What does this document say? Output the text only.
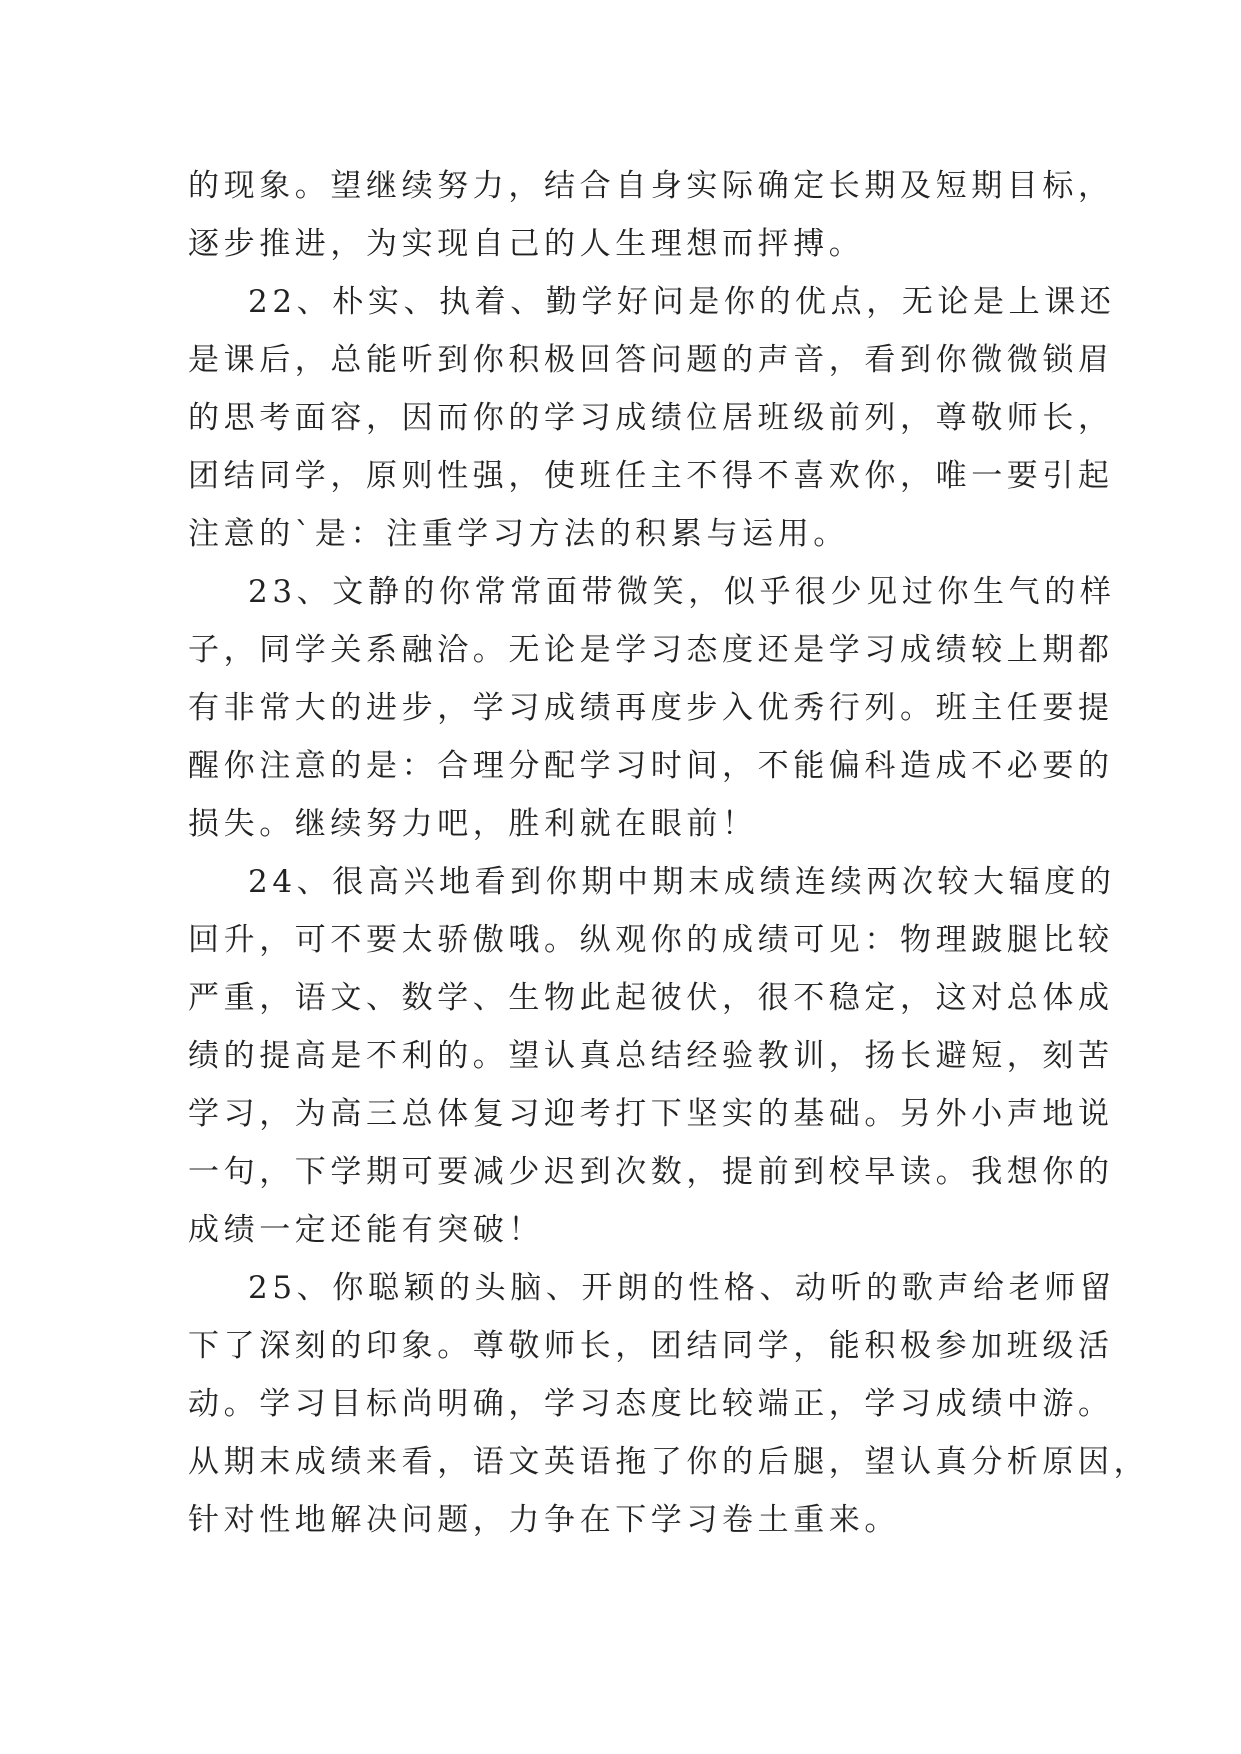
的现象。望继续努力，结合自身实际确定长期及短期目标，
逐步推进，为实现自己的人生理想而抨搏。
22、朴实、执着、勤学好问是你的优点，无论是上课还
是课后，总能听到你积极回答问题的声音，看到你微微锁眉
的思考面容，因而你的学习成绩位居班级前列，尊敬师长，
团结同学，原则性强，使班任主不得不喜欢你，唯一要引起
注意的`是：注重学习方法的积累与运用。
23、文静的你常常面带微笑，似乎很少见过你生气的样
子，同学关系融洽。无论是学习态度还是学习成绩较上期都
有非常大的进步，学习成绩再度步入优秀行列。班主任要提
醒你注意的是：合理分配学习时间，不能偏科造成不必要的
损失。继续努力吧，胜利就在眼前！
24、很高兴地看到你期中期末成绩连续两次较大辐度的
回升，可不要太骄傲哦。纵观你的成绩可见：物理跛腿比较
严重，语文、数学、生物此起彼伏，很不稳定，这对总体成
绩的提高是不利的。望认真总结经验教训，扬长避短，刻苦
学习，为高三总体复习迎考打下坚实的基础。另外小声地说
一句，下学期可要减少迟到次数，提前到校早读。我想你的
成绩一定还能有突破！
25、你聪颖的头脑、开朗的性格、动听的歌声给老师留
下了深刻的印象。尊敬师长，团结同学，能积极参加班级活
动。学习目标尚明确，学习态度比较端正，学习成绩中游。
从期末成绩来看，语文英语拖了你的后腿，望认真分析原因，
针对性地解决问题，力争在下学习卷土重来。
